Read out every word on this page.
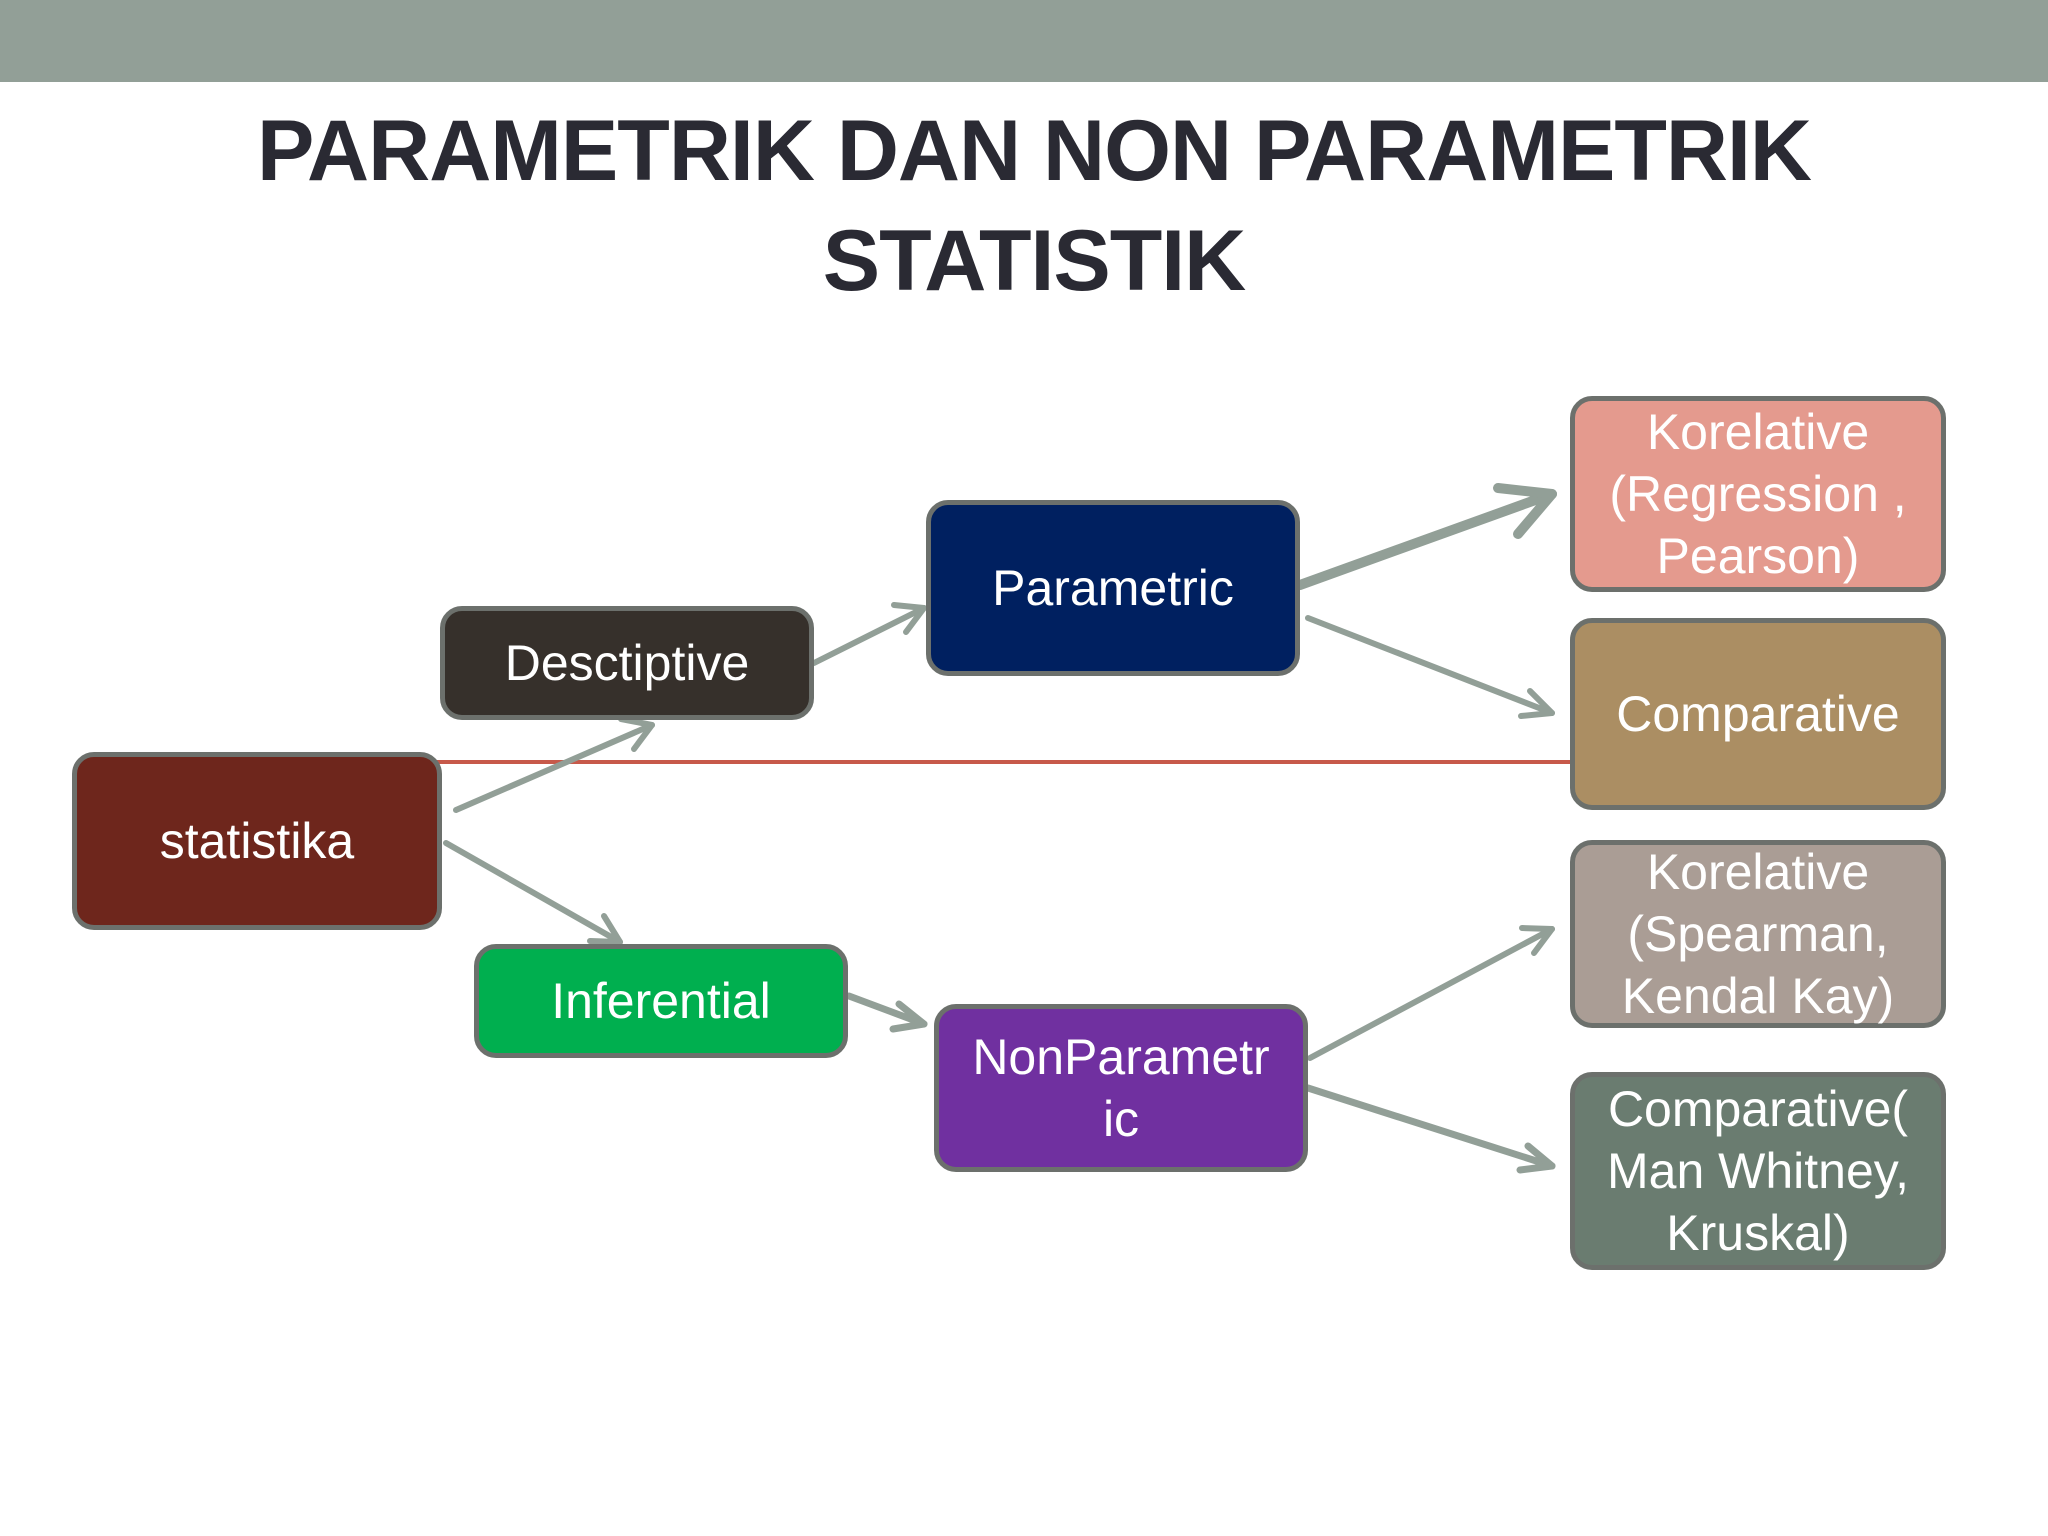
PARAMETRIK DAN NON PARAMETRIK
STATISTIK
statistika
Desctiptive
Inferential
Parametric
NonParametr
ic
Korelative
(Regression ,
Pearson)
Comparative
Korelative
(Spearman,
Kendal Kay)
Comparative(
Man Whitney,
Kruskal)
